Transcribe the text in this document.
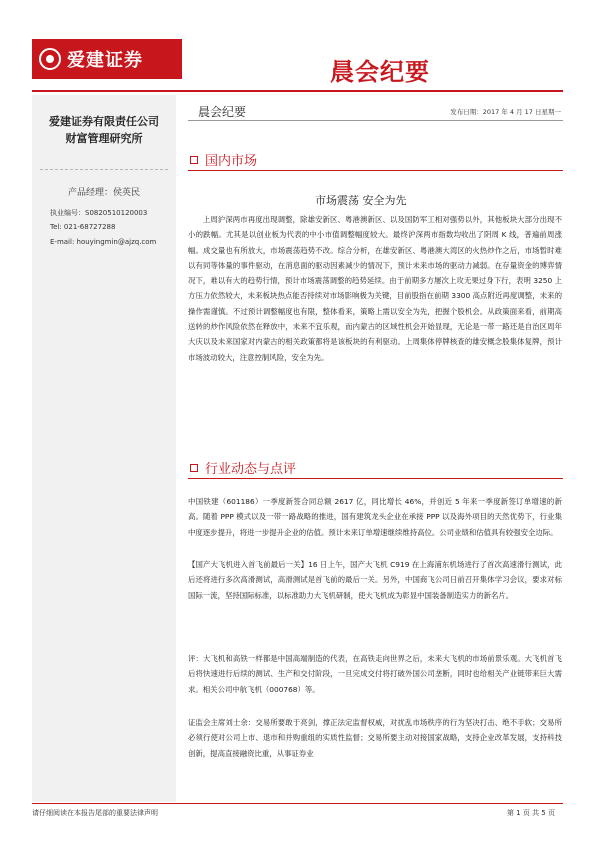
爱建证券	晨会纪要
爱建证券有限责任公司
财富管理研究所
产品经理：侯英民
执业编号：S0820510120003
Tel: 021-68727288
E-mail: houyingmin@ajzq.com
晨会纪要	发布日期：2017 年 4 月 17 日星期一
国内市场
市场震荡 安全为先

上周沪深两市再度出现调整，除雄安新区、粤港澳新区、以及国防军工相对强势以外，其他板块大部分出现不小的跌幅。尤其是以创业板为代表的中小市值调整幅度较大。最终沪深两市指数均收出了阴周 K 线，普遍前周涨幅。成交量也有所放大，市场震荡趋势不改。综合分析，在雄安新区、粤港澳大湾区的火热炒作之后，市场暂时难以有同等体量的事件驱动，在消息面的驱动因素减少的情况下，预计未来市场的驱动力减弱。在存量资金的博弈情况下，难以有大的趋势行情，预计市场震荡调整的趋势延续。由于前期多方屡次上攻无果过身下行，表明 3250 上方压力依然较大，未来板块热点能否持续对市场影响极为关键，目前股指在前期 3300 高点附近再度调整，未来的操作需谨慎。不过预计调整幅度也有限，整体看来，策略上需以安全为先，把握个股机会。从政策面来看，前期高送转的炒作风险依然在释放中，未来不宜乐观，而内蒙古的区域性机会开始显现，无论是一带一路还是自治区周年大庆以及未来国家对内蒙古的相关政策都将是该板块的有利驱动。上周集体停牌核查的雄安概念股集体复牌，预计市场波动较大，注意控制风险，安全为先。

行业动态与点评

中国铁建（601186）一季度新签合同总额 2617 亿，同比增长 46%，并创近 5 年来一季度新签订单增速的新高。随着 PPP 模式以及一带一路战略的推进，国有建筑龙头企业在承接 PPP 以及海外项目的天然优势下，行业集中度逐步提升，将进一步提升企业的估值。预计未来订单增速继续维持高位。公司业绩和估值具有较强安全边际。

【国产大飞机进入首飞前最后一关】16 日上午，国产大飞机 C919 在上海浦东机场进行了首次高速滑行测试，此后还将进行多次高滑测试，高滑测试是首飞前的最后一关。另外，中国商飞公司日前召开集体学习会议，要求对标国际一流，坚持国际标准，以标准助力大飞机研制，使大飞机成为彰显中国装备制造实力的新名片。

评：大飞机和高铁一样都是中国高端制造的代表，在高铁走向世界之后，未来大飞机的市场前景乐观。大飞机首飞后将快速进行后续的测试、生产和交付阶段，一旦完成交付将打破外国公司垄断，同时也给相关产业链带来巨大需求。相关公司中航飞机（000768）等。

证监会主席刘士余：交易所要敢于亮剑，撑正法定监督权威，对扰乱市场秩序的行为坚决打击、绝不手软；交易所必须行使对公司上市、退市和并购重组的实质性监督；交易所要主动对接国家战略，支持企业改革发展，支持科技创新，提高直接融资比重，从事证券业

请仔细阅读在本报告尾部的重要法律声明	第 1 页 共 5 页
